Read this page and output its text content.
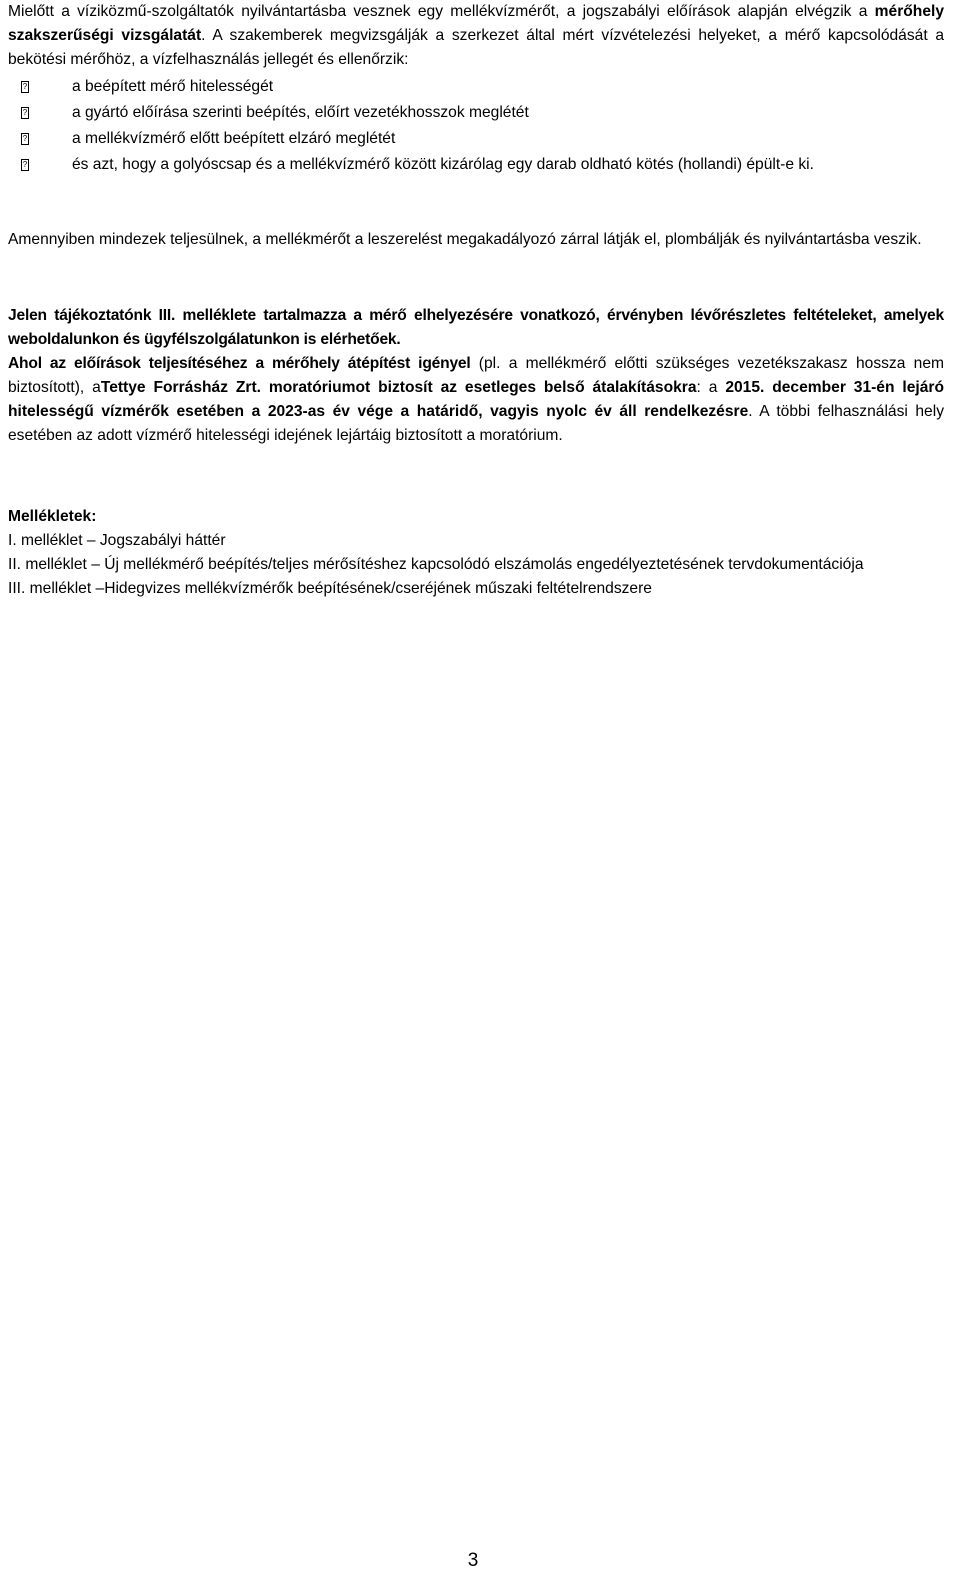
Mielőtt a víziközmű-szolgáltatók nyilvántartásba vesznek egy mellékvízmérőt, a jogszabályi előírások alapján elvégzik a mérőhely szakszerűségi vizsgálatát. A szakemberek megvizsgálják a szerkezet által mért vízvételezési helyeket, a mérő kapcsolódását a bekötési mérőhöz, a vízfelhasználás jellegét és ellenőrzik:

?	a beépített mérő hitelességét
?	a gyártó előírása szerinti beépítés, előírt vezetékhosszok meglétét
?	a mellékvízmérő előtt beépített elzáró meglétét
?	és azt, hogy a golyóscsap és a mellékvízmérő között kizárólag egy darab oldható kötés (hollandi) épült-e ki.

Amennyiben mindezek teljesülnek, a mellékmérőt a leszerelést megakadályozó zárral látják el, plombálják és nyilvántartásba veszik.

Jelen tájékoztatónk III. melléklete tartalmazza a mérő elhelyezésére vonatkozó, érvényben lévőrészletes feltételeket, amelyek weboldalunkon és ügyfélszolgálatunkon is elérhetőek.

Ahol az előírások teljesítéséhez a mérőhely átépítést igényel (pl. a mellékmérő előtti szükséges vezetékszakasz hossza nem biztosított), aTettye Forrásház Zrt. moratóriumot biztosít az esetleges belső átalakításokra: a 2015. december 31-én lejáró hitelességű vízmérők esetében a 2023-as év vége a határidő, vagyis nyolc év áll rendelkezésre. A többi felhasználási hely esetében az adott vízmérő hitelességi idejének lejártáig biztosított a moratórium.

Mellékletek:

I. melléklet – Jogszabályi háttér

II. melléklet – Új mellékmérő beépítés/teljes mérősítéshez kapcsolódó elszámolás engedélyeztetésének tervdokumentációja

III. melléklet –Hidegvizes mellékvízmérők beépítésének/cseréjének műszaki feltételrendszere

3
